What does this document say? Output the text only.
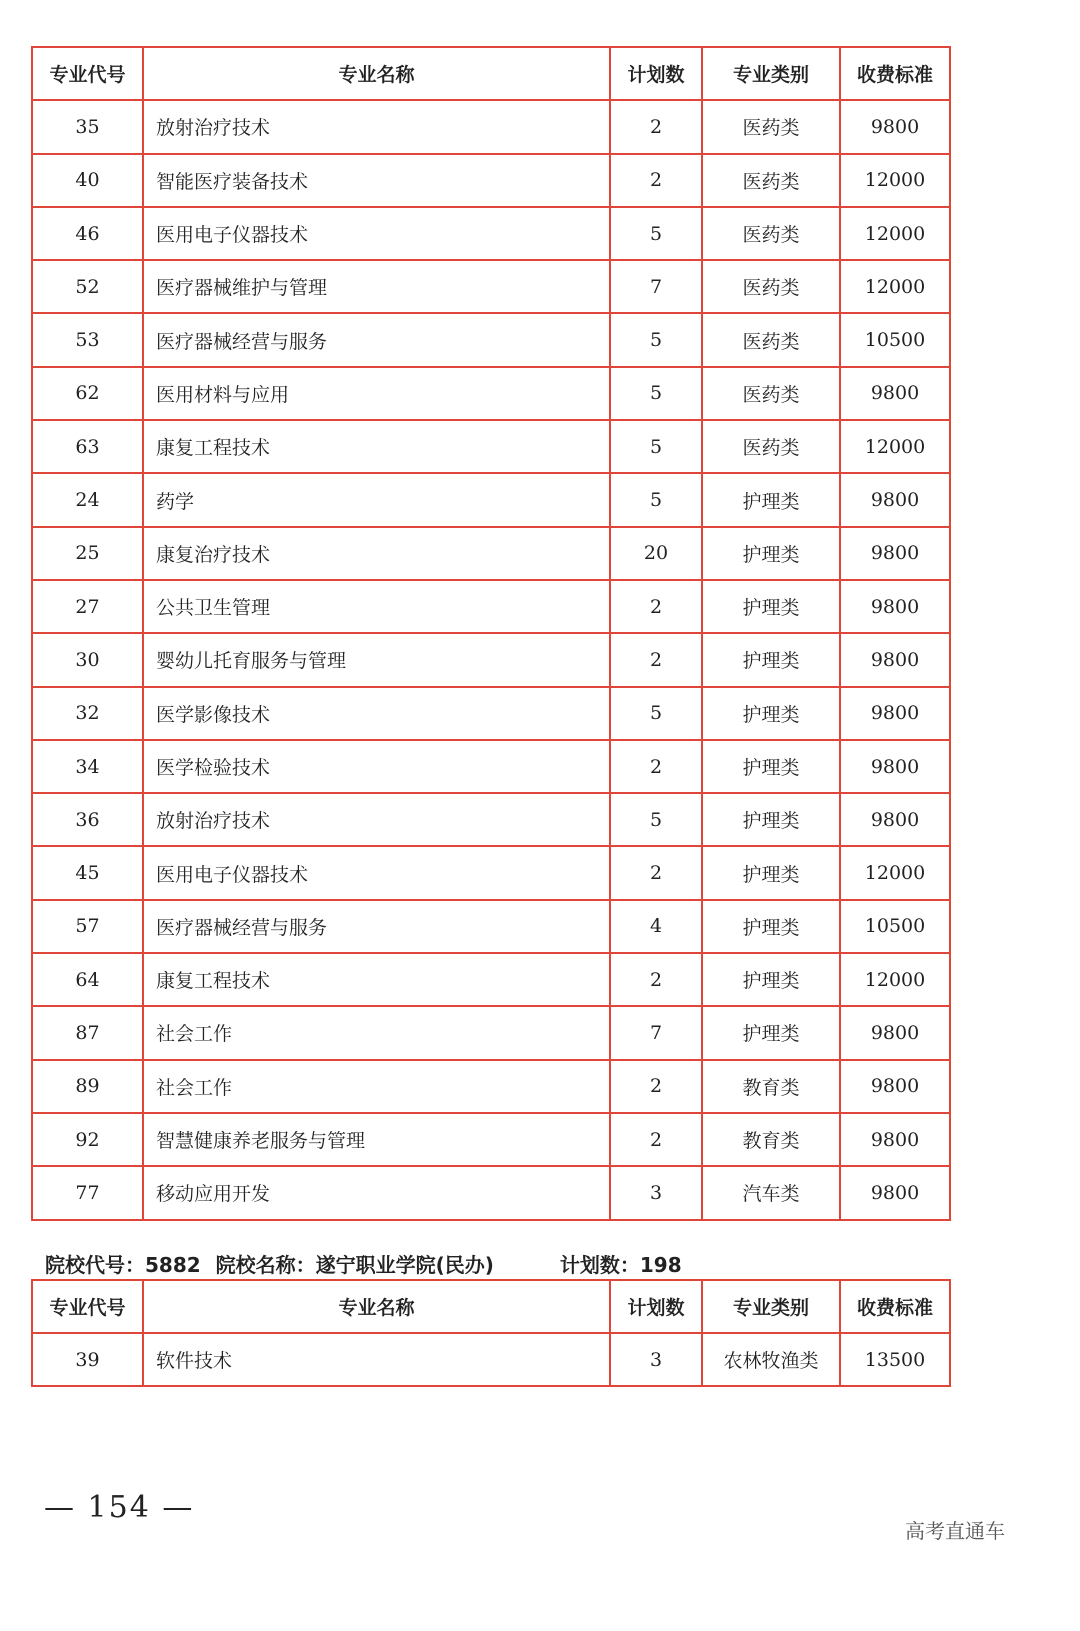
专业代号	专业名称	计划数	专业类别	收费标准
35	放射治疗技术	2	医药类	9800
40	智能医疗装备技术	2	医药类	12000
46	医用电子仪器技术	5	医药类	12000
52	医疗器械维护与管理	7	医药类	12000
53	医疗器械经营与服务	5	医药类	10500
62	医用材料与应用	5	医药类	9800
63	康复工程技术	5	医药类	12000
24	药学	5	护理类	9800
25	康复治疗技术	20	护理类	9800
27	公共卫生管理	2	护理类	9800
30	婴幼儿托育服务与管理	2	护理类	9800
32	医学影像技术	5	护理类	9800
34	医学检验技术	2	护理类	9800
36	放射治疗技术	5	护理类	9800
45	医用电子仪器技术	2	护理类	12000
57	医疗器械经营与服务	4	护理类	10500
64	康复工程技术	2	护理类	12000
87	社会工作	7	护理类	9800
89	社会工作	2	教育类	9800
92	智慧健康养老服务与管理	2	教育类	9800
77	移动应用开发	3	汽车类	9800
院校代号：5882 院校名称：遂宁职业学院(民办)	计划数：198
专业代号	专业名称	计划数	专业类别	收费标准
39	软件技术	3	农林牧渔类	13500
— 154 —
高考直通车
